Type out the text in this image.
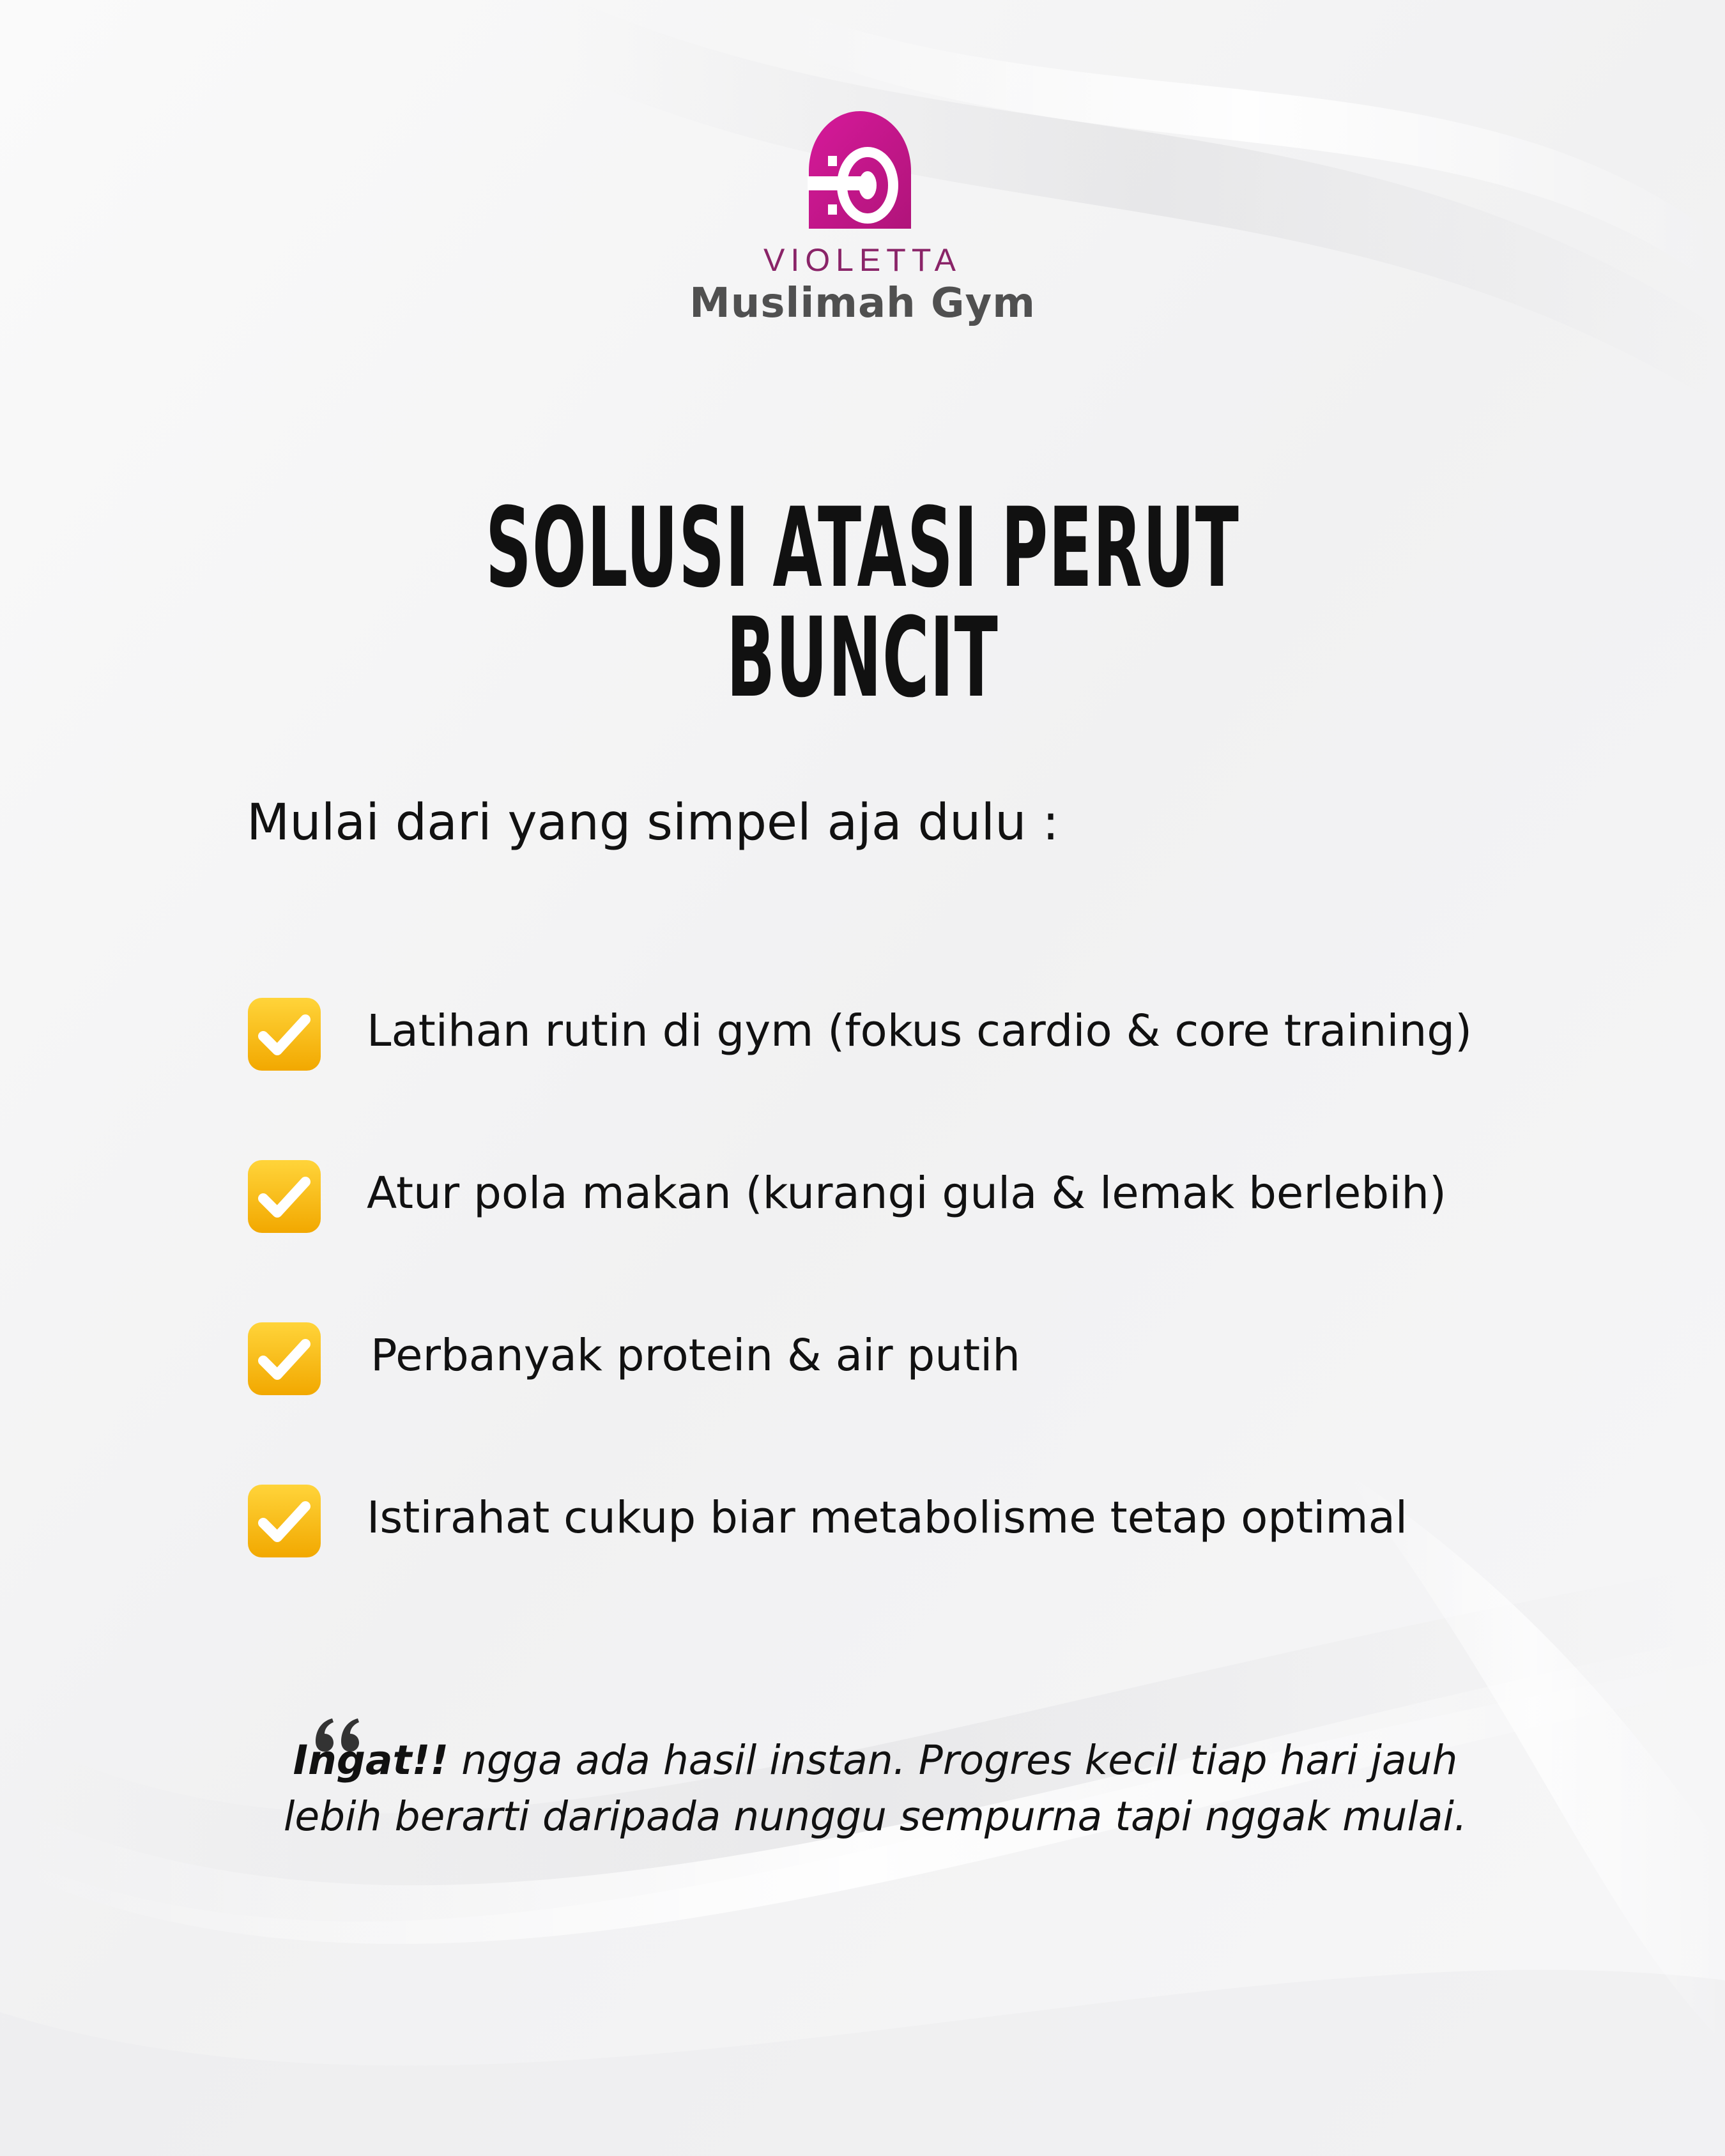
VIOLETTA
Muslimah Gym
SOLUSI ATASI PERUT BUNCIT
Mulai dari yang simpel aja dulu :
Latihan rutin di gym (fokus cardio & core training)
Atur pola makan (kurangi gula & lemak berlebih)
Perbanyak protein & air putih
Istirahat cukup biar metabolisme tetap optimal
Ingat!! ngga ada hasil instan. Progres kecil tiap hari jauh lebih berarti daripada nunggu sempurna tapi nggak mulai.
